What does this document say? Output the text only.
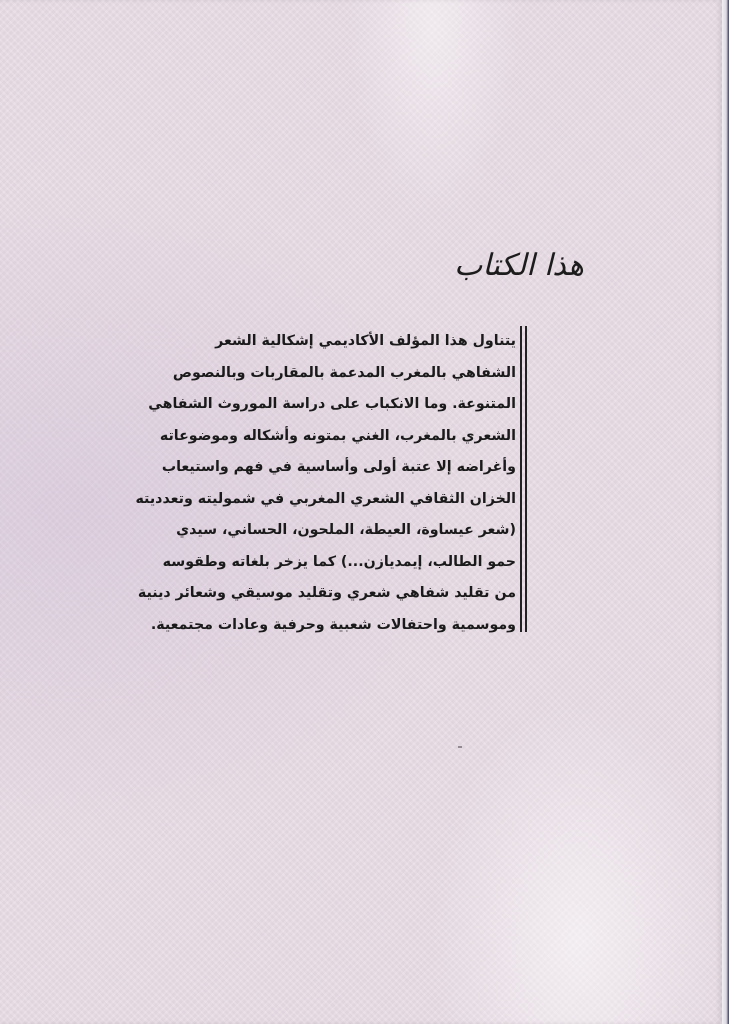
هذا الكتاب
يتناول هذا المؤلف الأكاديمي إشكالية الشعر
الشفاهي بالمغرب المدعمة بالمقاربات وبالنصوص
المتنوعة. وما الانكباب على دراسة الموروث الشفاهي
الشعري بالمغرب، الغني بمتونه وأشكاله وموضوعاته
وأغراضه إلا عتبة أولى وأساسية في فهم واستيعاب
الخزان الثقافي الشعري المغربي في شموليته وتعدديته
(شعر عيساوة، العيطة، الملحون، الحساني، سيدي
حمو الطالب، إيمديازن...) كما يزخر بلغاته وطقوسه
من تقليد شفاهي شعري وتقليد موسيقي وشعائر دينية
وموسمية واحتفالات شعبية وحرفية وعادات مجتمعية.
